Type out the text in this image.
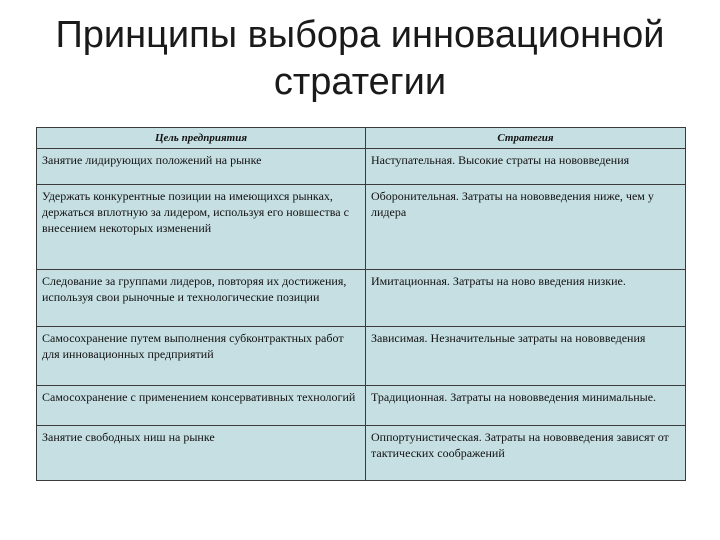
Принципы выбора инновационной
стратегии
Цель предприятия	Стратегия
Занятие лидирующих положений на рынке	Наступательная. Высокие страты на нововведения
Удержать конкурентные позиции на имеющихся рынках, держаться вплотную за лидером, используя его новшества с внесением некоторых изменений	Оборонительная. Затраты на нововведения ниже, чем у лидера
Следование за группами лидеров, повторяя их достижения, используя свои рыночные и технологические позиции	Имитационная. Затраты на ново введения низкие.
Самосохранение путем выполнения субконтрактных работ для инновационных предприятий	Зависимая. Незначительные затраты на нововведения
Самосохранение с применением консервативных технологий	Традиционная. Затраты на нововведения минимальные.
Занятие свободных ниш на рынке	Оппортунистическая. Затраты на нововведения зависят от тактических соображений
